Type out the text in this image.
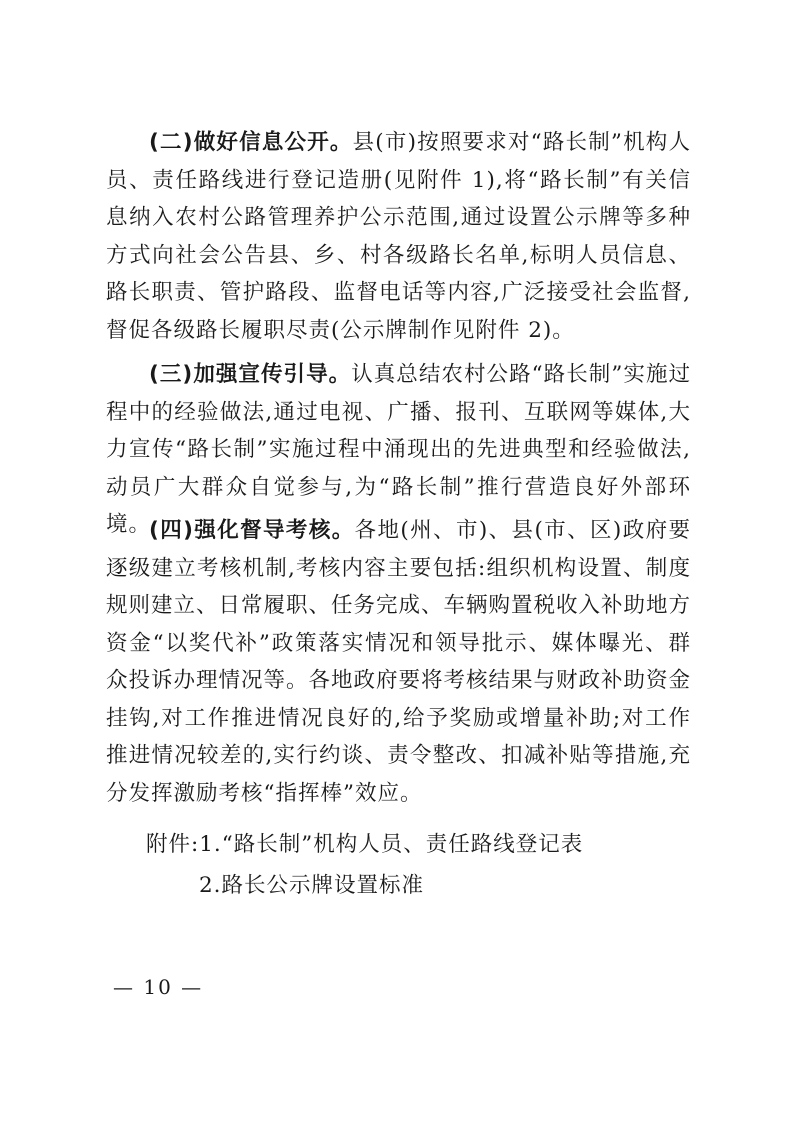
(二)做好信息公开。县(市)按照要求对“路长制”机构人员、责任路线进行登记造册(见附件 1),将“路长制”有关信息纳入农村公路管理养护公示范围,通过设置公示牌等多种方式向社会公告县、乡、村各级路长名单,标明人员信息、路长职责、管护路段、监督电话等内容,广泛接受社会监督,督促各级路长履职尽责(公示牌制作见附件 2)。

(三)加强宣传引导。认真总结农村公路“路长制”实施过程中的经验做法,通过电视、广播、报刊、互联网等媒体,大力宣传“路长制”实施过程中涌现出的先进典型和经验做法,动员广大群众自觉参与,为“路长制”推行营造良好外部环境。

(四)强化督导考核。各地(州、市)、县(市、区)政府要逐级建立考核机制,考核内容主要包括:组织机构设置、制度规则建立、日常履职、任务完成、车辆购置税收入补助地方资金“以奖代补”政策落实情况和领导批示、媒体曝光、群众投诉办理情况等。各地政府要将考核结果与财政补助资金挂钩,对工作推进情况良好的,给予奖励或增量补助;对工作推进情况较差的,实行约谈、责令整改、扣减补贴等措施,充分发挥激励考核“指挥棒”效应。

附件:1.“路长制”机构人员、责任路线登记表

2.路长公示牌设置标准

— 10 —
